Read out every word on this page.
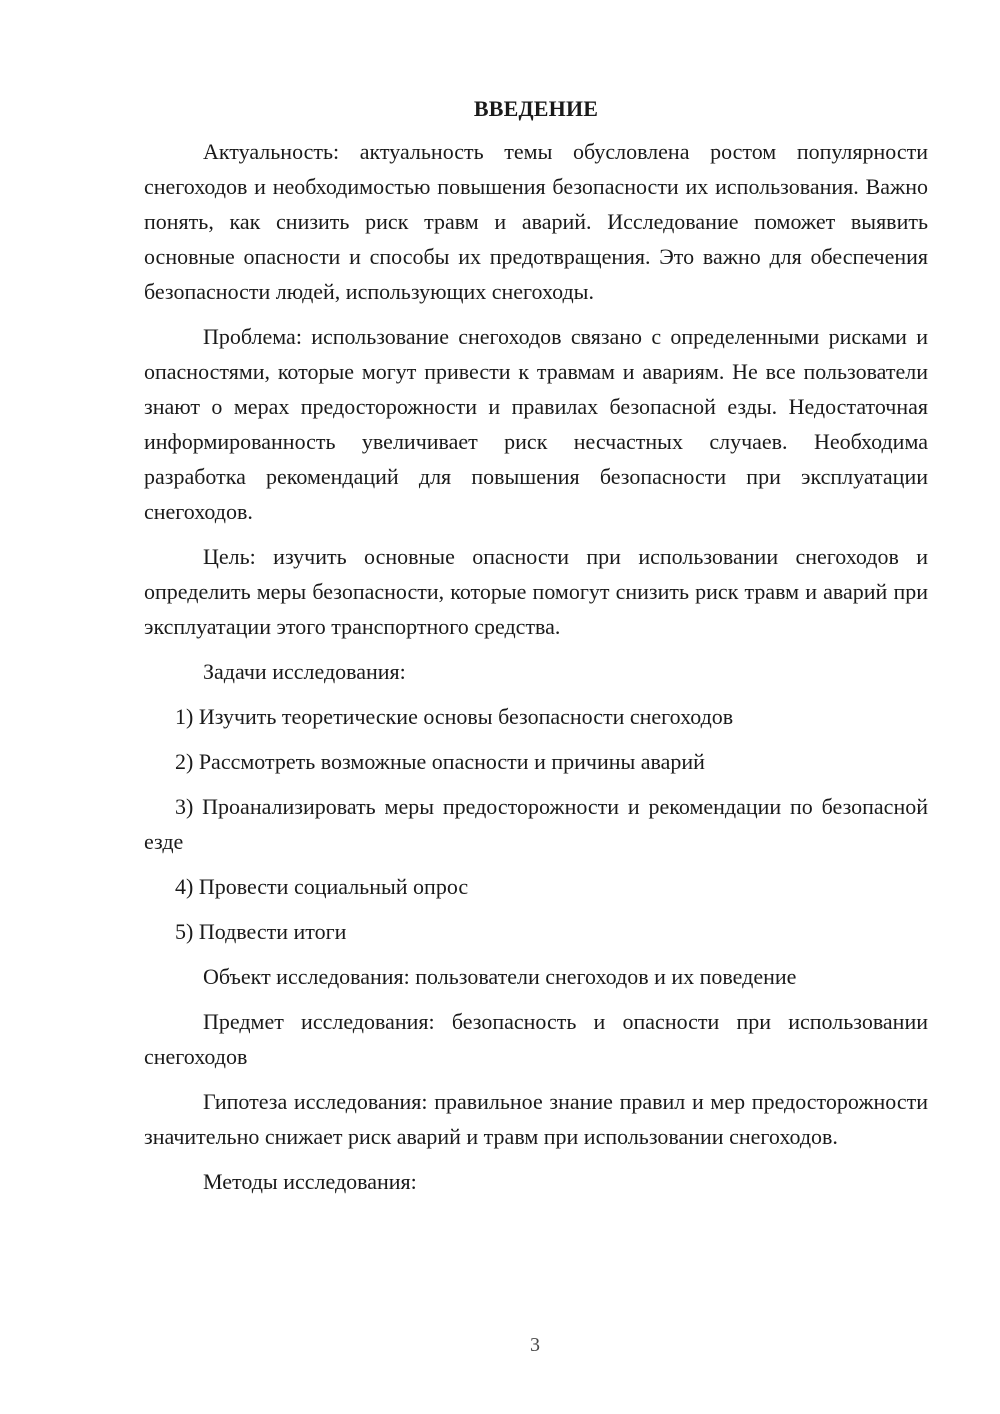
ВВЕДЕНИЕ

Актуальность: актуальность темы обусловлена ростом популярности снегоходов и необходимостью повышения безопасности их использования. Важно понять, как снизить риск травм и аварий. Исследование поможет выявить основные опасности и способы их предотвращения. Это важно для обеспечения безопасности людей, использующих снегоходы.

Проблема: использование снегоходов связано с определенными рисками и опасностями, которые могут привести к травмам и авариям. Не все пользователи знают о мерах предосторожности и правилах безопасной езды. Недостаточная информированность увеличивает риск несчастных случаев. Необходима разработка рекомендаций для повышения безопасности при эксплуатации снегоходов.

Цель: изучить основные опасности при использовании снегоходов и определить меры безопасности, которые помогут снизить риск травм и аварий при эксплуатации этого транспортного средства.

Задачи исследования:

1) Изучить теоретические основы безопасности снегоходов

2) Рассмотреть возможные опасности и причины аварий

3) Проанализировать меры предосторожности и рекомендации по безопасной езде

4) Провести социальный опрос

5) Подвести итоги

Объект исследования: пользователи снегоходов и их поведение

Предмет исследования: безопасность и опасности при использовании снегоходов

Гипотеза исследования: правильное знание правил и мер предосторожности значительно снижает риск аварий и травм при использовании снегоходов.

Методы исследования:

3
